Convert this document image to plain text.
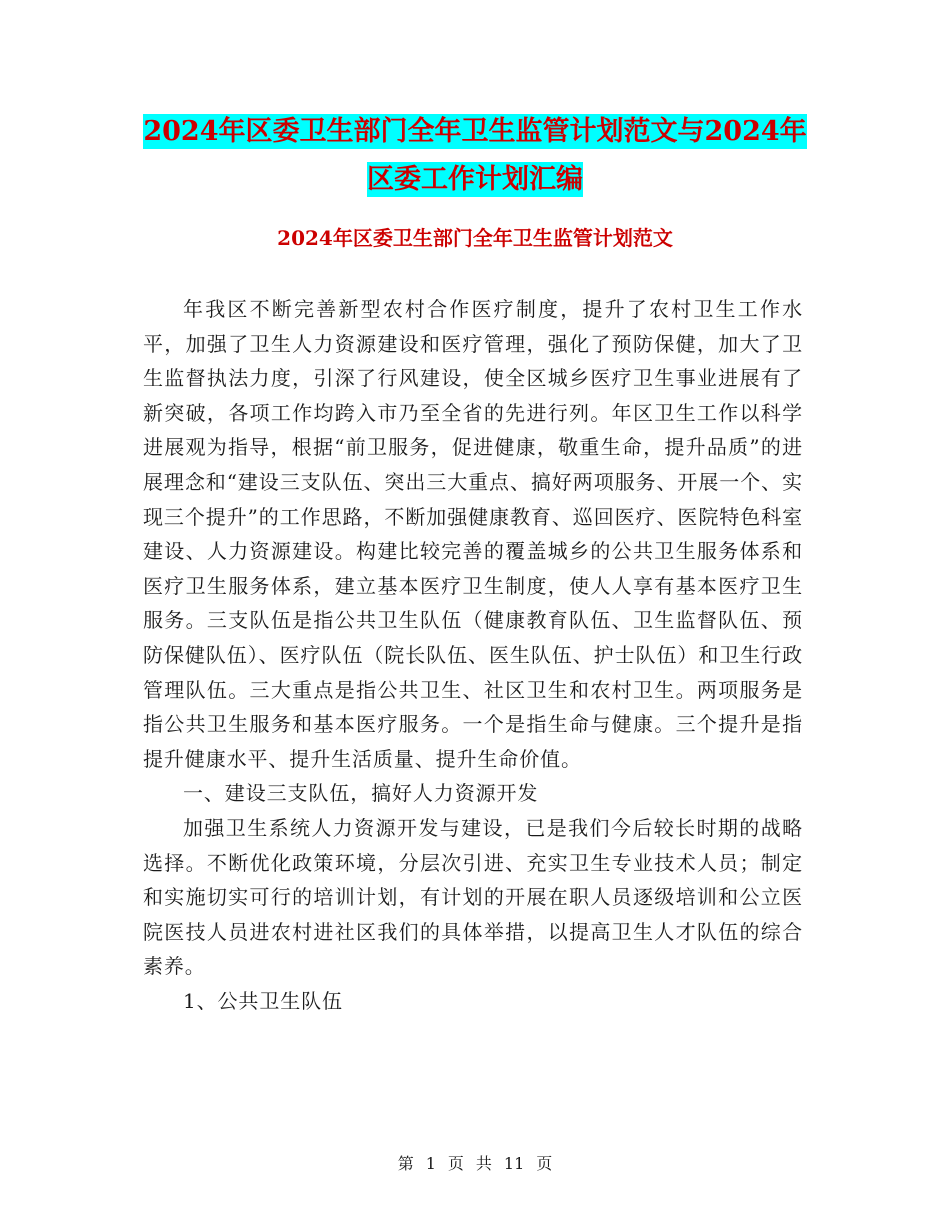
2024年区委卫生部门全年卫生监管计划范文与2024年
区委工作计划汇编
2024年区委卫生部门全年卫生监管计划范文

年我区不断完善新型农村合作医疗制度，提升了农村卫生工作水平，加强了卫生人力资源建设和医疗管理，强化了预防保健，加大了卫生监督执法力度，引深了行风建设，使全区城乡医疗卫生事业进展有了新突破，各项工作均跨入市乃至全省的先进行列。年区卫生工作以科学进展观为指导，根据“前卫服务，促进健康，敬重生命，提升品质”的进展理念和“建设三支队伍、突出三大重点、搞好两项服务、开展一个、实现三个提升”的工作思路，不断加强健康教育、巡回医疗、医院特色科室建设、人力资源建设。构建比较完善的覆盖城乡的公共卫生服务体系和医疗卫生服务体系，建立基本医疗卫生制度，使人人享有基本医疗卫生服务。三支队伍是指公共卫生队伍（健康教育队伍、卫生监督队伍、预防保健队伍）、医疗队伍（院长队伍、医生队伍、护士队伍）和卫生行政管理队伍。三大重点是指公共卫生、社区卫生和农村卫生。两项服务是指公共卫生服务和基本医疗服务。一个是指生命与健康。三个提升是指提升健康水平、提升生活质量、提升生命价值。

一、建设三支队伍，搞好人力资源开发

加强卫生系统人力资源开发与建设，已是我们今后较长时期的战略选择。不断优化政策环境，分层次引进、充实卫生专业技术人员；制定和实施切实可行的培训计划，有计划的开展在职人员逐级培训和公立医院医技人员进农村进社区我们的具体举措，以提高卫生人才队伍的综合素养。

1、公共卫生队伍

第 1 页 共 11 页
